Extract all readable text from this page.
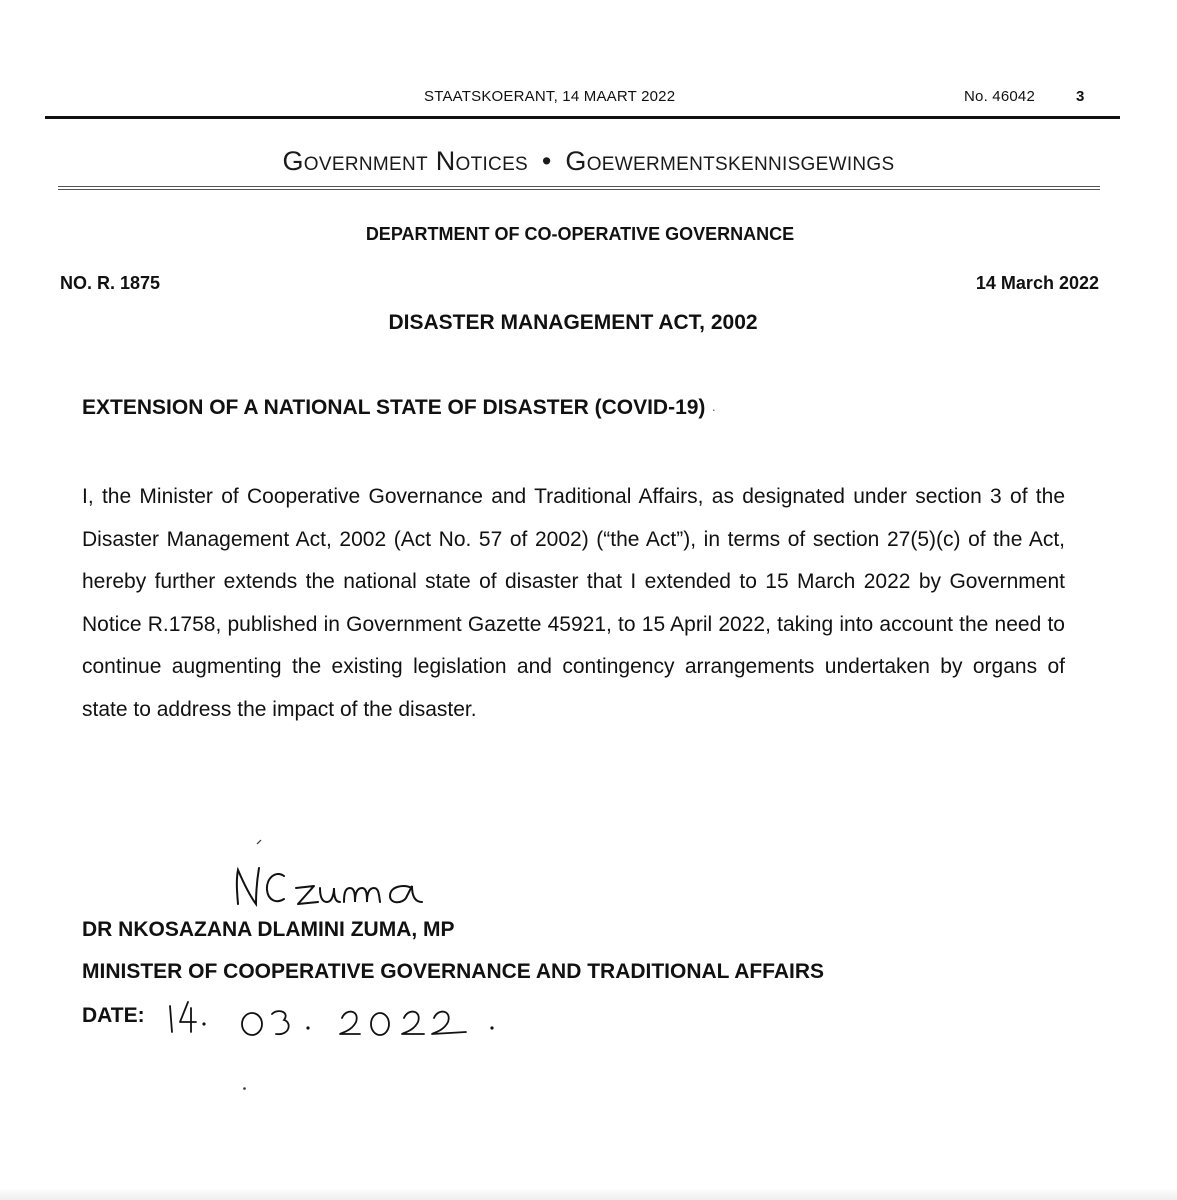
STAATSKOERANT, 14 MAART 2022	No. 46042	3
Government Notices • Goewermentskennisgewings
DEPARTMENT OF CO-OPERATIVE GOVERNANCE
NO. R. 1875	14 March 2022
DISASTER MANAGEMENT ACT, 2002
EXTENSION OF A NATIONAL STATE OF DISASTER (COVID-19) ·
I, the Minister of Cooperative Governance and Traditional Affairs, as designated under section 3 of the Disaster Management Act, 2002 (Act No. 57 of 2002) (“the Act”), in terms of section 27(5)(c) of the Act, hereby further extends the national state of disaster that I extended to 15 March 2022 by Government Notice R.1758, published in Government Gazette 45921, to 15 April 2022, taking into account the need to continue augmenting the existing legislation and contingency arrangements undertaken by organs of state to address the impact of the disaster.
DR NKOSAZANA DLAMINI ZUMA, MP
MINISTER OF COOPERATIVE GOVERNANCE AND TRADITIONAL AFFAIRS
DATE:
